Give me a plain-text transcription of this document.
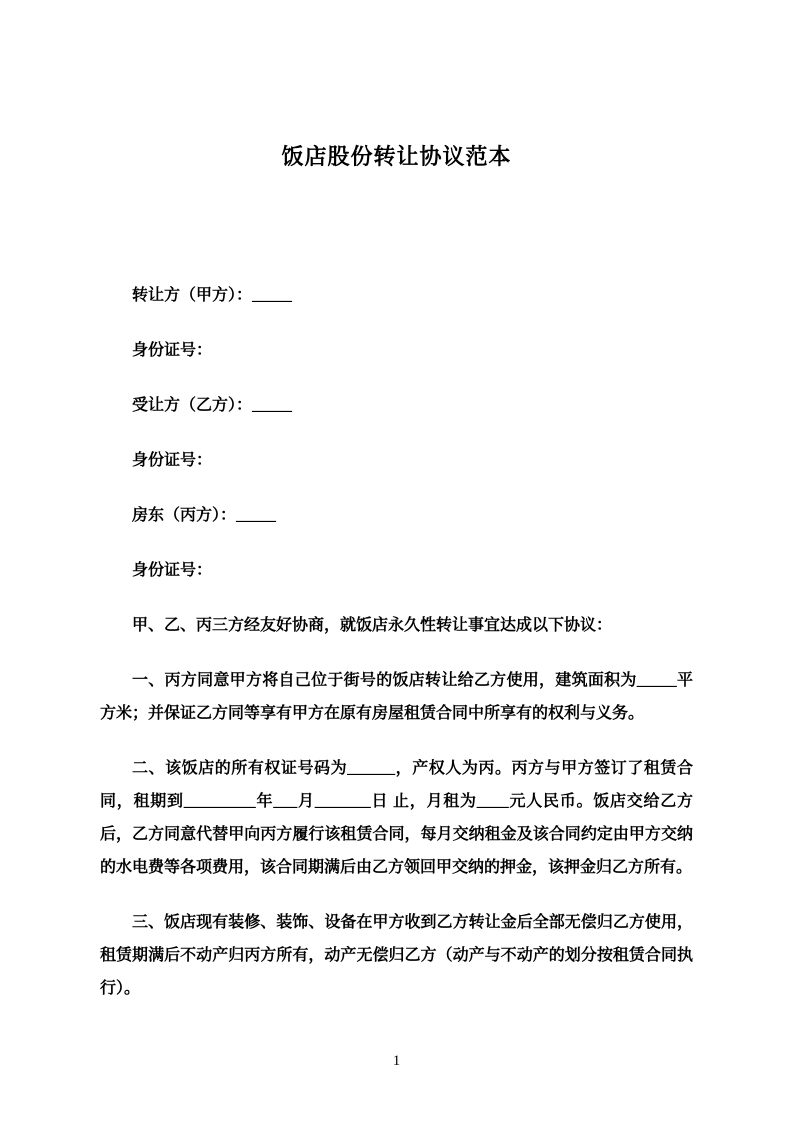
饭店股份转让协议范本

转让方（甲方）：_____

身份证号：

受让方（乙方）：_____

身份证号：

房东（丙方）：_____

身份证号：

甲、乙、丙三方经友好协商，就饭店永久性转让事宜达成以下协议：

一、丙方同意甲方将自己位于街号的饭店转让给乙方使用，建筑面积为_____平方米；并保证乙方同等享有甲方在原有房屋租赁合同中所享有的权利与义务。

二、该饭店的所有权证号码为______，产权人为丙。丙方与甲方签订了租赁合同，租期到_________年___月_______日 止，月租为____元人民币。饭店交给乙方后，乙方同意代替甲向丙方履行该租赁合同，每月交纳租金及该合同约定由甲方交纳的水电费等各项费用，该合同期满后由乙方领回甲交纳的押金，该押金归乙方所有。

三、饭店现有装修、装饰、设备在甲方收到乙方转让金后全部无偿归乙方使用，租赁期满后不动产归丙方所有，动产无偿归乙方（动产与不动产的划分按租赁合同执行）。

1
